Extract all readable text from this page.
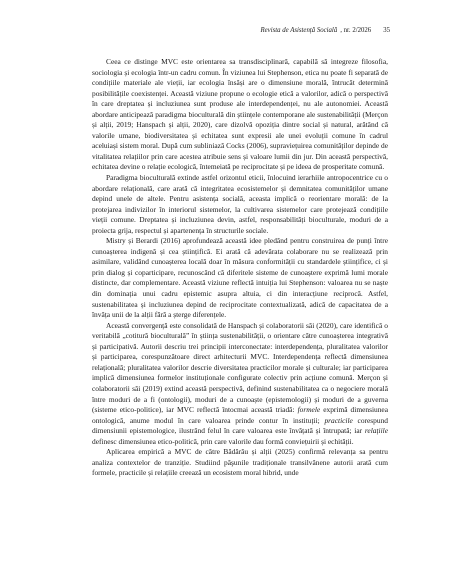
Revista de Asistență Socială , nr. 2/2026 35

Ceea ce distinge MVC este orientarea sa transdisciplinară, capabilă să integreze filosofia, sociologia și ecologia într-un cadru comun. În viziunea lui Stephenson, etica nu poate fi separată de condițiile materiale ale vieții, iar ecologia însăși are o dimensiune morală, întrucât determină posibilitățile coexistenței. Această viziune propune o ecologie etică a valorilor, adică o perspectivă în care dreptatea și incluziunea sunt produse ale interdependenței, nu ale autonomiei. Această abordare anticipează paradigma bioculturală din științele contemporane ale sustenabilității (Merçon și alții, 2019; Hanspach și alții, 2020), care dizolvă opoziția dintre social și natural, arătând că valorile umane, biodiversitatea și echitatea sunt expresii ale unei evoluții comune în cadrul aceluiași sistem moral. După cum subliniază Cocks (2006), supraviețuirea comunităților depinde de vitalitatea relațiilor prin care acestea atribuie sens și valoare lumii din jur. Din această perspectivă, echitatea devine o relație ecologică, întemeiată pe reciprocitate și pe ideea de prosperitate comună.

Paradigma bioculturală extinde astfel orizontul eticii, înlocuind ierarhiile antropocentrice cu o abordare relațională, care arată că integritatea ecosistemelor și demnitatea comunităților umane depind unele de altele. Pentru asistența socială, aceasta implică o reorientare morală: de la protejarea indivizilor în interiorul sistemelor, la cultivarea sistemelor care protejează condițiile vieții comune. Dreptatea și incluziunea devin, astfel, responsabilități bioculturale, moduri de a proiecta grija, respectul și apartenența în structurile sociale.

Mistry și Berardi (2016) aprofundează această idee pledând pentru construirea de punți între cunoașterea indigenă și cea științifică. Ei arată că adevărata colaborare nu se realizează prin asimilare, validând cunoașterea locală doar în măsura conformității cu standardele științifice, ci și prin dialog și coparticipare, recunoscând că diferitele sisteme de cunoaștere exprimă lumi morale distincte, dar complementare. Această viziune reflectă intuiția lui Stephenson: valoarea nu se naște din dominația unui cadru epistemic asupra altuia, ci din interacțiune reciprocă. Astfel, sustenabilitatea și incluziunea depind de reciprocitate contextualizată, adică de capacitatea de a învăța unii de la alții fără a șterge diferențele.

Această convergență este consolidată de Hanspach și colaboratorii săi (2020), care identifică o veritabilă „cotitură bioculturală” în știința sustenabilității, o orientare către cunoașterea integrativă și participativă. Autorii descriu trei principii interconectate: interdependența, pluralitatea valorilor și participarea, corespunzătoare direct arhitecturii MVC. Interdependența reflectă dimensiunea relațională; pluralitatea valorilor descrie diversitatea practicilor morale și culturale; iar participarea implică dimensiunea formelor instituționale configurate colectiv prin acțiune comună. Merçon și colaboratorii săi (2019) extind această perspectivă, definind sustenabilitatea ca o negociere morală între moduri de a fi (ontologii), moduri de a cunoaște (epistemologii) și moduri de a guverna (sisteme etico-politice), iar MVC reflectă întocmai această triadă: formele exprimă dimensiunea ontologică, anume modul în care valoarea prinde contur în instituții; practicile corespund dimensiunii epistemologice, ilustrând felul în care valoarea este învățată și întrupată; iar relațiile definesc dimensiunea etico-politică, prin care valorile dau formă conviețuirii și echității.

Aplicarea empirică a MVC de către Bădărău și alții (2025) confirmă relevanța sa pentru analiza contextelor de tranziție. Studiind păşunile tradiționale transilvănene autorii arată cum formele, practicile și relațiile creează un ecosistem moral hibrid, unde
